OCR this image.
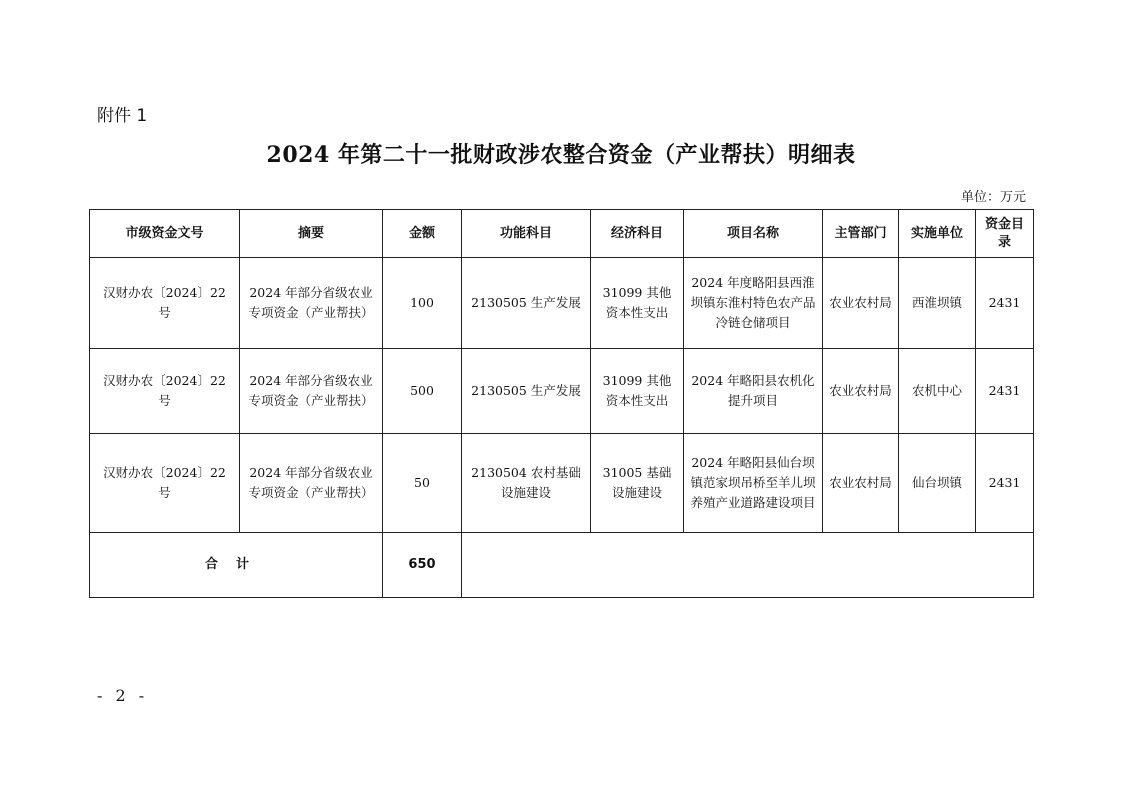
附件 1
2024 年第二十一批财政涉农整合资金（产业帮扶）明细表
单位：万元
市级资金文号	摘要	金额	功能科目	经济科目	项目名称	主管部门	实施单位	资金目录
汉财办农〔2024〕22 号	2024 年部分省级农业专项资金（产业帮扶）	100	2130505 生产发展	31099 其他资本性支出	2024 年度略阳县西淮坝镇东淮村特色农产品冷链仓储项目	农业农村局	西淮坝镇	2431
汉财办农〔2024〕22 号	2024 年部分省级农业专项资金（产业帮扶）	500	2130505 生产发展	31099 其他资本性支出	2024 年略阳县农机化提升项目	农业农村局	农机中心	2431
汉财办农〔2024〕22 号	2024 年部分省级农业专项资金（产业帮扶）	50	2130504 农村基础设施建设	31005 基础设施建设	2024 年略阳县仙台坝镇范家坝吊桥至羊儿坝养殖产业道路建设项目	农业农村局	仙台坝镇	2431
合计		650						
- 2 -
